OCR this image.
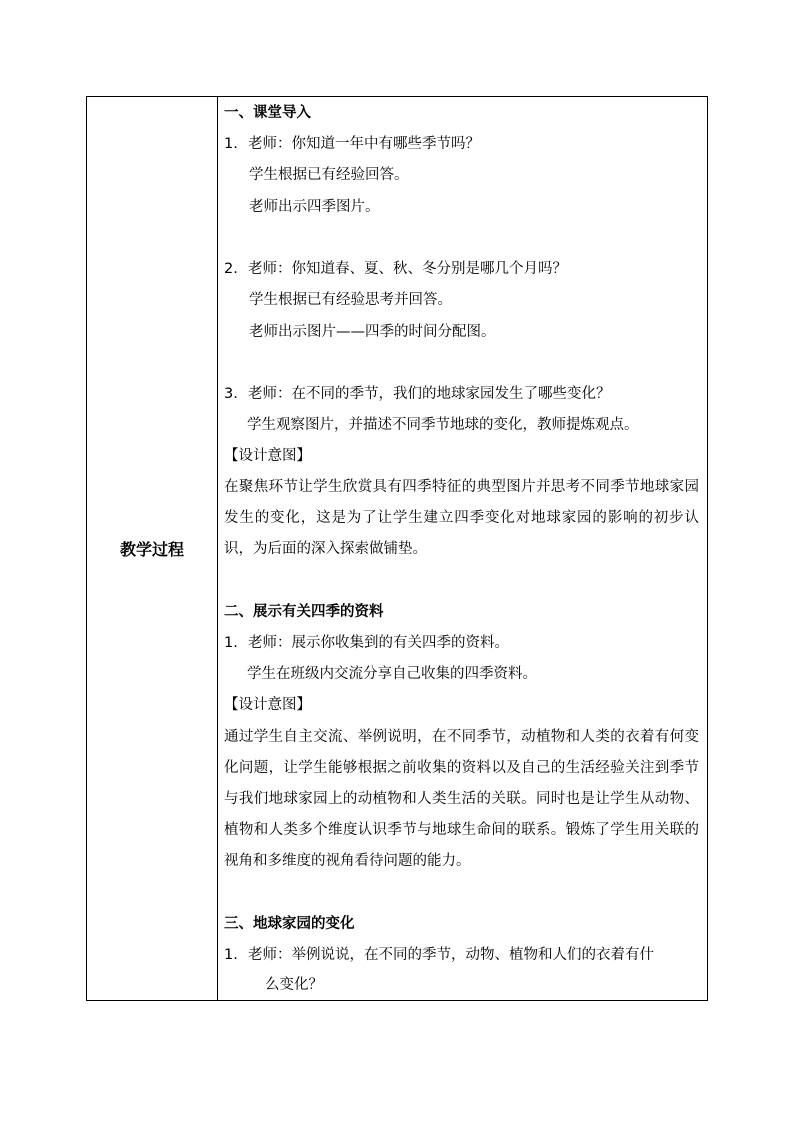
教学过程	
一、课堂导入
1. 老师：你知道一年中有哪些季节吗？
学生根据已有经验回答。
老师出示四季图片。
2. 老师：你知道春、夏、秋、冬分别是哪几个月吗？
学生根据已有经验思考并回答。
老师出示图片——四季的时间分配图。
3. 老师：在不同的季节，我们的地球家园发生了哪些变化？
学生观察图片，并描述不同季节地球的变化，教师提炼观点。
【设计意图】
在聚焦环节让学生欣赏具有四季特征的典型图片并思考不同季节地球家园发生的变化，这是为了让学生建立四季变化对地球家园的影响的初步认识，为后面的深入探索做铺垫。
二、展示有关四季的资料
1. 老师：展示你收集到的有关四季的资料。
学生在班级内交流分享自己收集的四季资料。
【设计意图】
通过学生自主交流、举例说明，在不同季节，动植物和人类的衣着有何变化问题，让学生能够根据之前收集的资料以及自己的生活经验关注到季节与我们地球家园上的动植物和人类生活的关联。同时也是让学生从动物、植物和人类多个维度认识季节与地球生命间的联系。锻炼了学生用关联的视角和多维度的视角看待问题的能力。
三、地球家园的变化
1. 老师：举例说说，在不同的季节，动物、植物和人们的衣着有什
么变化？
